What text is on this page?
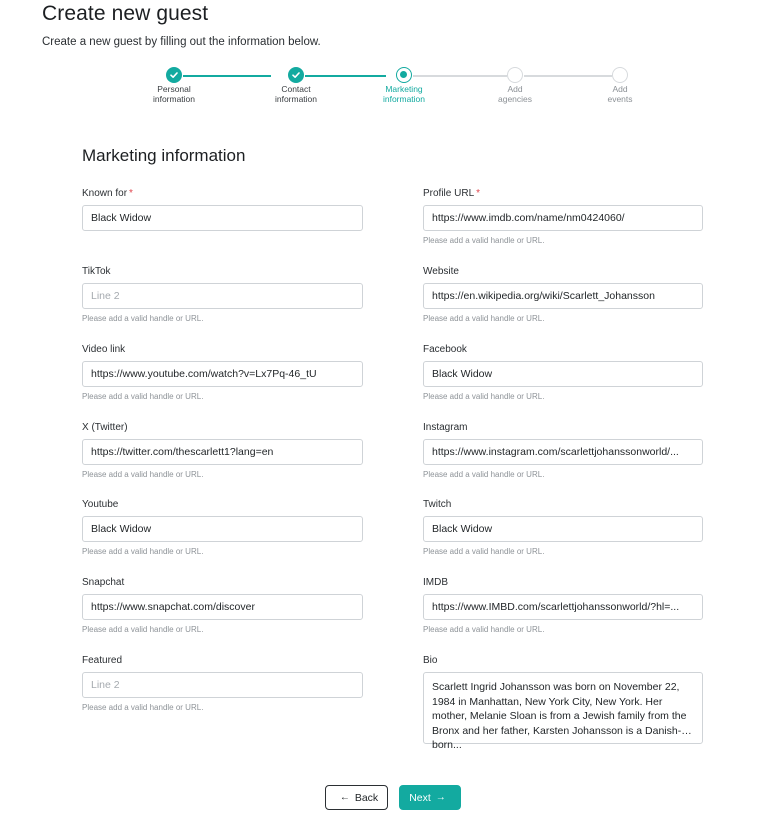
Create new guest
Create a new guest by filling out the information below.
Personal
information
Contact
information
Marketing
information
Add
agencies
Add
events
Marketing information
Known for *
Black Widow
TikTok
Line 2
Please add a valid handle or URL.
Video link
https://www.youtube.com/watch?v=Lx7Pq-46_tU
Please add a valid handle or URL.
X (Twitter)
https://twitter.com/thescarlett1?lang=en
Please add a valid handle or URL.
Youtube
Black Widow
Please add a valid handle or URL.
Snapchat
https://www.snapchat.com/discover
Please add a valid handle or URL.
Featured
Line 2
Please add a valid handle or URL.
Profile URL *
https://www.imdb.com/name/nm0424060/
Please add a valid handle or URL.
Website
https://en.wikipedia.org/wiki/Scarlett_Johansson
Please add a valid handle or URL.
Facebook
Black Widow
Please add a valid handle or URL.
Instagram
https://www.instagram.com/scarlettjohanssonworld/...
Please add a valid handle or URL.
Twitch
Black Widow
Please add a valid handle or URL.
IMDB
https://www.IMBD.com/scarlettjohanssonworld/?hl=...
Please add a valid handle or URL.
Bio
Scarlett Ingrid Johansson was born on November 22, 1984 in Manhattan, New York City, New York. Her mother, Melanie Sloan is from a Jewish family from the Bronx and her father, Karsten Johansson is a Danish-born...
← Back	Next →
